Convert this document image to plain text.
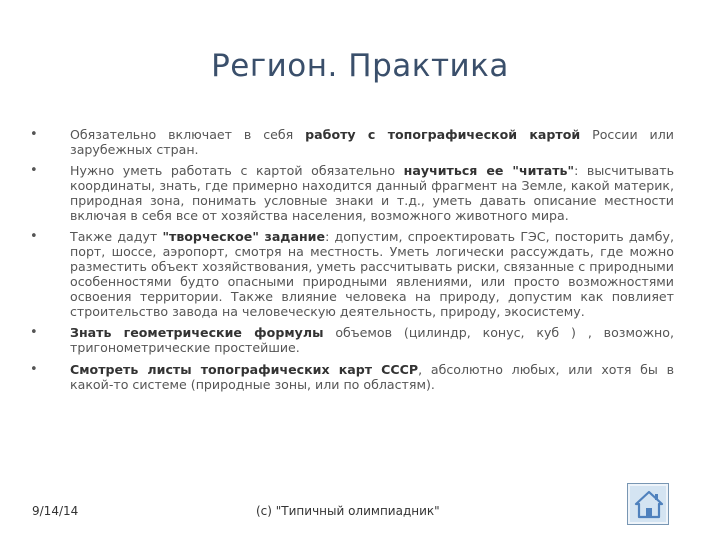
Регион. Практика
•	Обязательно включает в себя работу с топографической картой России или зарубежных стран.
•	Нужно уметь работать с картой обязательно научиться ее "читать": высчитывать координаты, знать, где примерно находится данный фрагмент на Земле, какой материк, природная зона, понимать условные знаки и т.д., уметь давать описание местности включая в себя все от хозяйства населения, возможного животного мира.
•	Также дадут "творческое" задание: допустим, спроектировать ГЭС, посторить дамбу, порт, шоссе, аэропорт, смотря на местность. Уметь логически рассуждать, где можно разместить объект хозяйствования, уметь рассчитывать риски, связанные с природными особенностями будто опасными природными явлениями, или просто возможностями освоения территории. Также влияние человека на природу, допустим как повлияет строительство завода на человеческую деятельность, природу, экосистему.
•	Знать геометрические формулы объемов (цилиндр, конус, куб ) , возможно, тригонометрические простейшие.
•	Смотреть листы топографических карт СССР, абсолютно любых, или хотя бы в какой-то системе (природные зоны, или по областям).
9/14/14	(c) "Типичный олимпиадник"
